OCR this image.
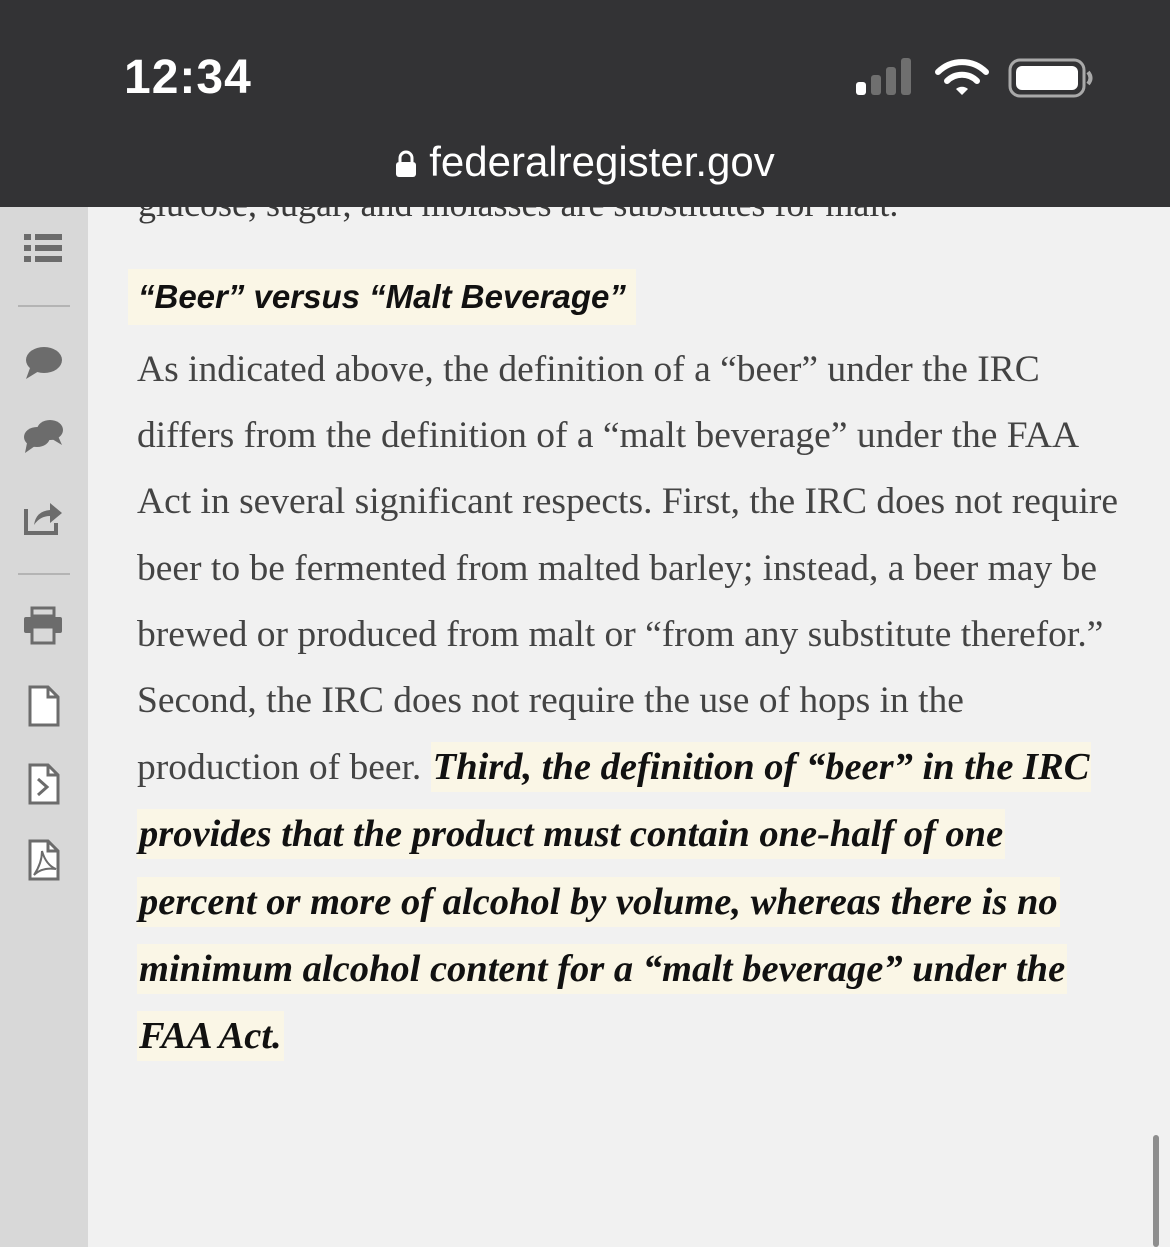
12:34
federalregister.gov
“Beer” versus “Malt Beverage”
As indicated above, the definition of a “beer” under the IRC differs from the definition of a “malt beverage” under the FAA Act in several significant respects. First, the IRC does not require beer to be fermented from malted barley; instead, a beer may be brewed or produced from malt or “from any substitute therefor.” Second, the IRC does not require the use of hops in the production of beer. Third, the definition of “beer” in the IRC provides that the product must contain one-half of one percent or more of alcohol by volume, whereas there is no minimum alcohol content for a “malt beverage” under the FAA Act.
